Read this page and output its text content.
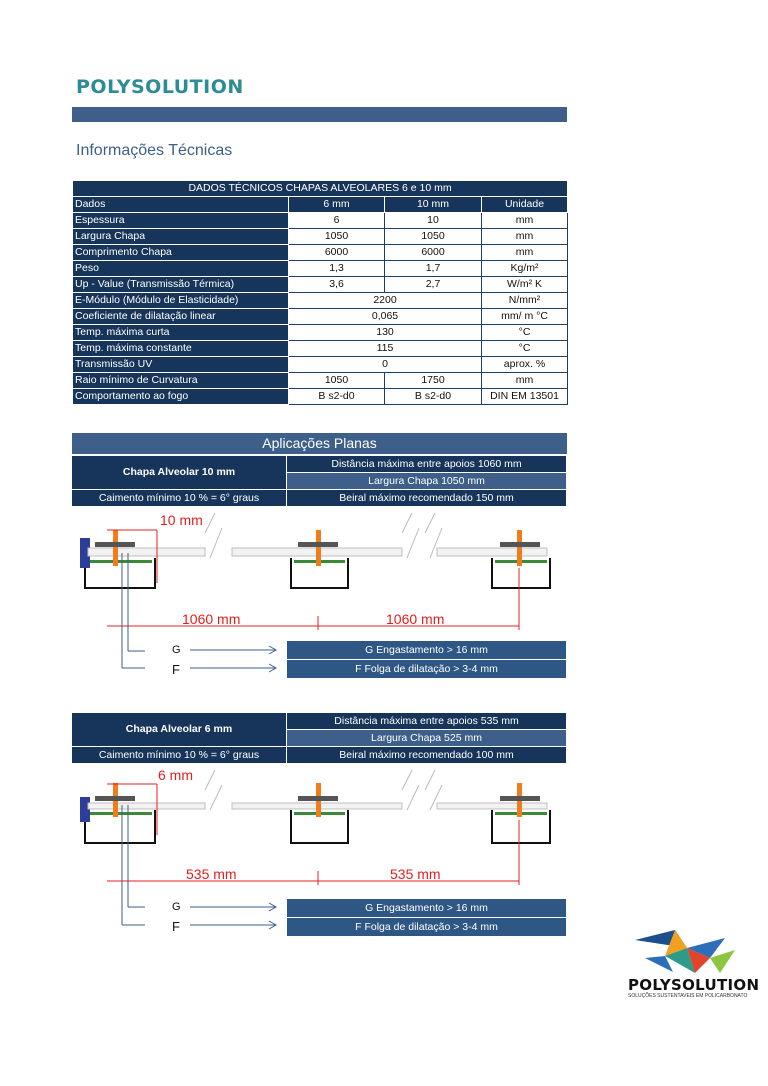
POLYSOLUTION
Informações Técnicas
DADOS TÉCNICOS CHAPAS ALVEOLARES 6 e 10 mm			
Dados	6 mm	10 mm	Unidade
Espessura	6	10	mm
Largura Chapa	1050	1050	mm
Comprimento Chapa	6000	6000	mm
Peso	1,3	1,7	Kg/m²
Up - Value (Transmissão Térmica)	3,6	2,7	W/m² K
E-Módulo (Módulo de Elasticidade)	2200		N/mm²
Coeficiente de dilatação linear	0,065		mm/ m °C
Temp. máxima curta	130		°C
Temp. máxima constante	115		°C
Transmissão UV	0		aprox. %
Raio mínimo de Curvatura	1050	1750	mm
Comportamento ao fogo	B s2-d0	B s2-d0	DIN EM 13501
Aplicações Planas
Chapa Alveolar 10 mm
Caimento mínimo 10 % = 6° graus
Distância máxima entre apoios 1060 mm
Largura Chapa 1050 mm
Beiral máximo recomendado 150 mm
10 mm
1060 mm	1060 mm
G
F
G Engastamento > 16 mm
F Folga de dilatação > 3-4 mm
Chapa Alveolar 6 mm
Caimento mínimo 10 % = 6° graus
Distância máxima entre apoios 535 mm
Largura Chapa 525 mm
Beiral máximo recomendado 100 mm
6 mm
535 mm	535 mm
G
F
G Engastamento > 16 mm
F Folga de dilatação > 3-4 mm
POLYSOLUTION
SOLUÇÕES SUSTENTAVEIS EM POLICARBONATO
